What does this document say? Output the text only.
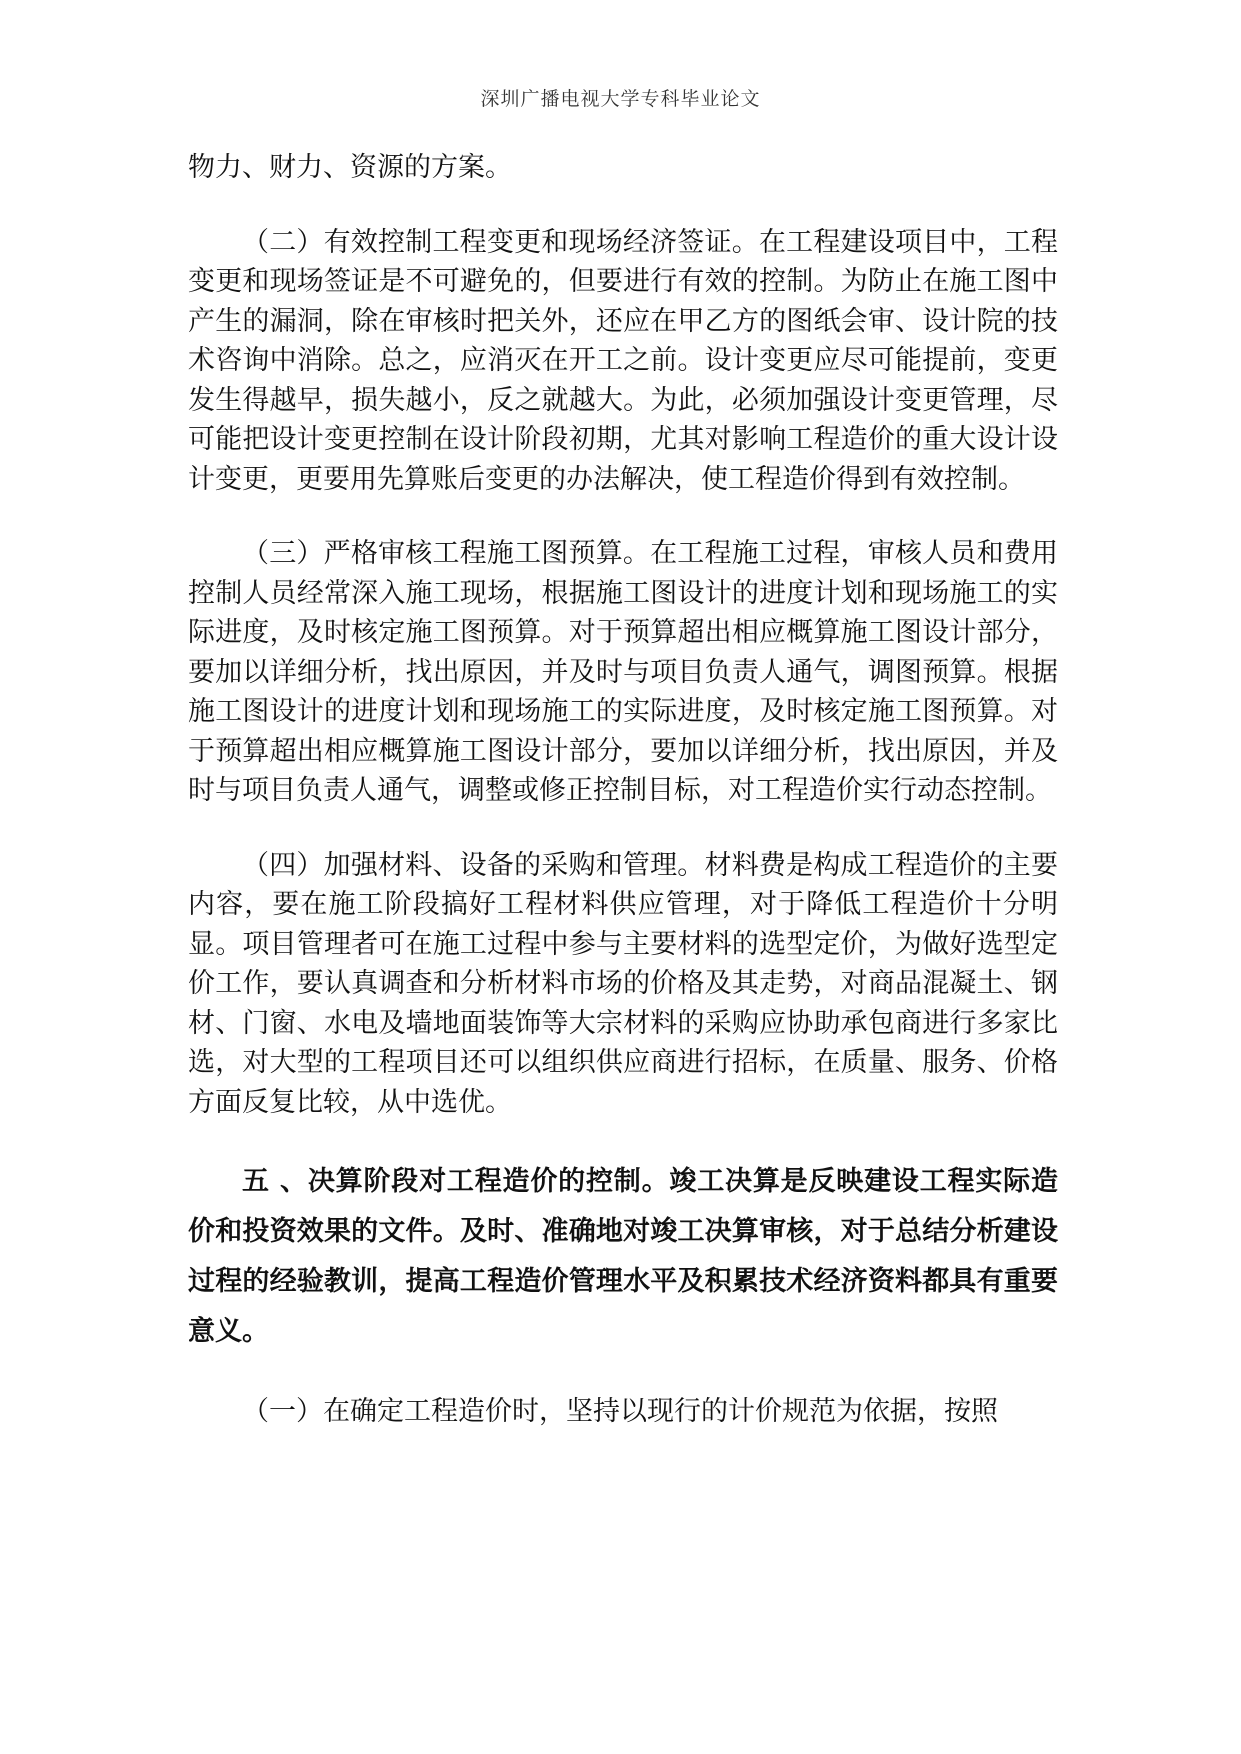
深圳广播电视大学专科毕业论文

物力、财力、资源的方案。

（二）有效控制工程变更和现场经济签证。在工程建设项目中，工程变更和现场签证是不可避免的，但要进行有效的控制。为防止在施工图中产生的漏洞，除在审核时把关外，还应在甲乙方的图纸会审、设计院的技术咨询中消除。总之，应消灭在开工之前。设计变更应尽可能提前，变更发生得越早，损失越小，反之就越大。为此，必须加强设计变更管理，尽可能把设计变更控制在设计阶段初期，尤其对影响工程造价的重大设计设计变更，更要用先算账后变更的办法解决，使工程造价得到有效控制。

（三）严格审核工程施工图预算。在工程施工过程，审核人员和费用控制人员经常深入施工现场，根据施工图设计的进度计划和现场施工的实际进度，及时核定施工图预算。对于预算超出相应概算施工图设计部分，要加以详细分析，找出原因，并及时与项目负责人通气，调图预算。根据施工图设计的进度计划和现场施工的实际进度，及时核定施工图预算。对于预算超出相应概算施工图设计部分，要加以详细分析，找出原因，并及时与项目负责人通气，调整或修正控制目标，对工程造价实行动态控制。

（四）加强材料、设备的采购和管理。材料费是构成工程造价的主要内容，要在施工阶段搞好工程材料供应管理，对于降低工程造价十分明显。项目管理者可在施工过程中参与主要材料的选型定价，为做好选型定价工作，要认真调查和分析材料市场的价格及其走势，对商品混凝土、钢材、门窗、水电及墙地面装饰等大宗材料的采购应协助承包商进行多家比选，对大型的工程项目还可以组织供应商进行招标，在质量、服务、价格方面反复比较，从中选优。

五 、决算阶段对工程造价的控制。竣工决算是反映建设工程实际造价和投资效果的文件。及时、准确地对竣工决算审核，对于总结分析建设过程的经验教训，提高工程造价管理水平及积累技术经济资料都具有重要意义。

（一）在确定工程造价时，坚持以现行的计价规范为依据，按照
